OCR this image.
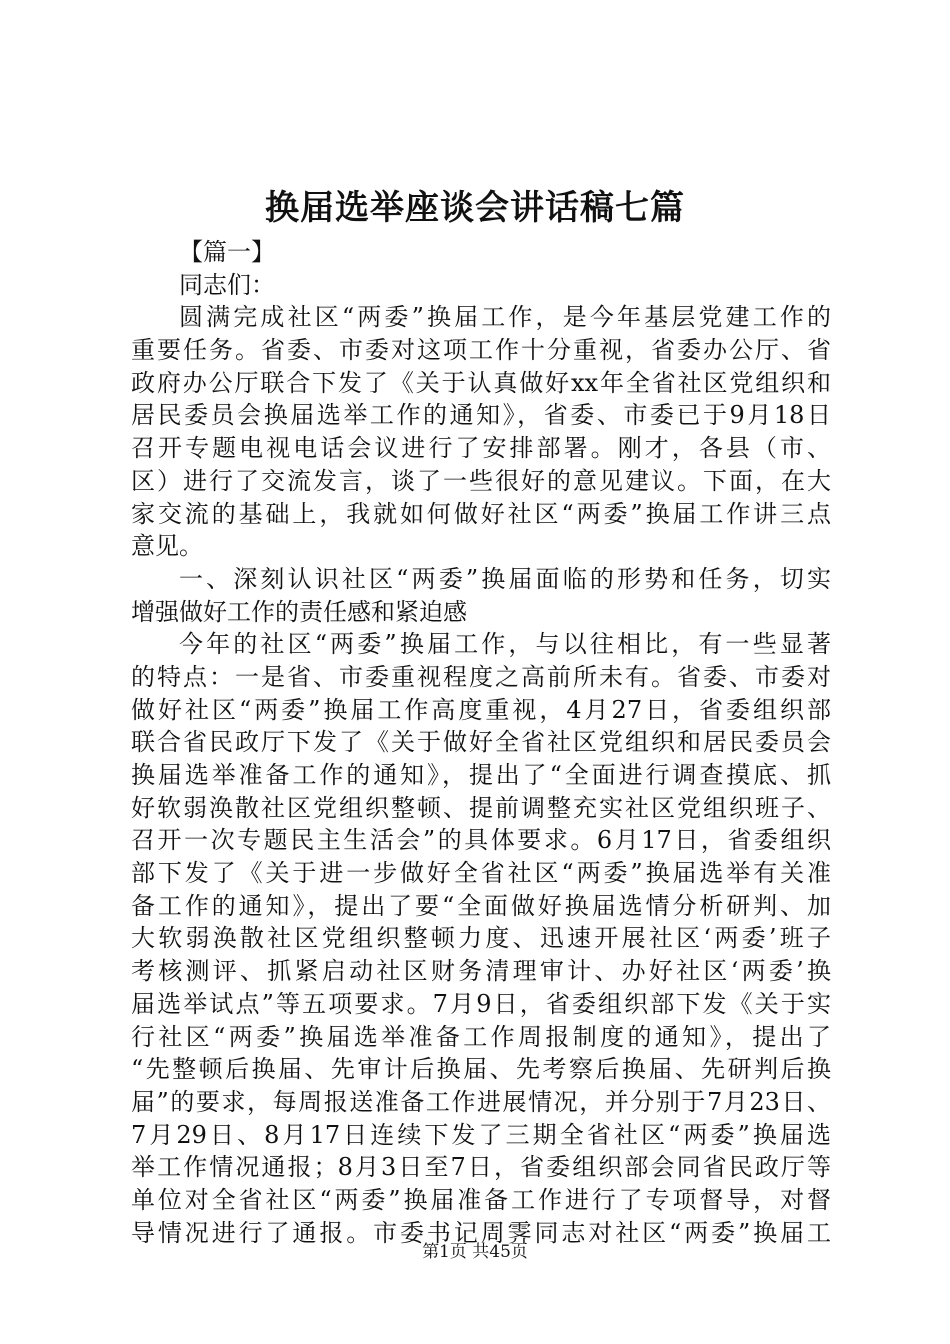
换届选举座谈会讲话稿七篇
【篇一】
同志们：
圆满完成社区“两委”换届工作，是今年基层党建工作的
重要任务。省委、市委对这项工作十分重视，省委办公厅、省
政府办公厅联合下发了《关于认真做好xx年全省社区党组织和
居民委员会换届选举工作的通知》，省委、市委已于9月18日
召开专题电视电话会议进行了安排部署。刚才，各县（市、
区）进行了交流发言，谈了一些很好的意见建议。下面，在大
家交流的基础上，我就如何做好社区“两委”换届工作讲三点
意见。
一、深刻认识社区“两委”换届面临的形势和任务，切实
增强做好工作的责任感和紧迫感
今年的社区“两委”换届工作，与以往相比，有一些显著
的特点：一是省、市委重视程度之高前所未有。省委、市委对
做好社区“两委”换届工作高度重视，4月27日，省委组织部
联合省民政厅下发了《关于做好全省社区党组织和居民委员会
换届选举准备工作的通知》，提出了“全面进行调查摸底、抓
好软弱涣散社区党组织整顿、提前调整充实社区党组织班子、
召开一次专题民主生活会”的具体要求。6月17日，省委组织
部下发了《关于进一步做好全省社区“两委”换届选举有关准
备工作的通知》，提出了要“全面做好换届选情分析研判、加
大软弱涣散社区党组织整顿力度、迅速开展社区‘两委’班子
考核测评、抓紧启动社区财务清理审计、办好社区‘两委’换
届选举试点”等五项要求。7月9日，省委组织部下发《关于实
行社区“两委”换届选举准备工作周报制度的通知》，提出了
“先整顿后换届、先审计后换届、先考察后换届、先研判后换
届”的要求，每周报送准备工作进展情况，并分别于7月23日、
7月29日、8月17日连续下发了三期全省社区“两委”换届选
举工作情况通报；8月3日至7日，省委组织部会同省民政厅等
单位对全省社区“两委”换届准备工作进行了专项督导，对督
导情况进行了通报。市委书记周霁同志对社区“两委”换届工
第1页 共45页
